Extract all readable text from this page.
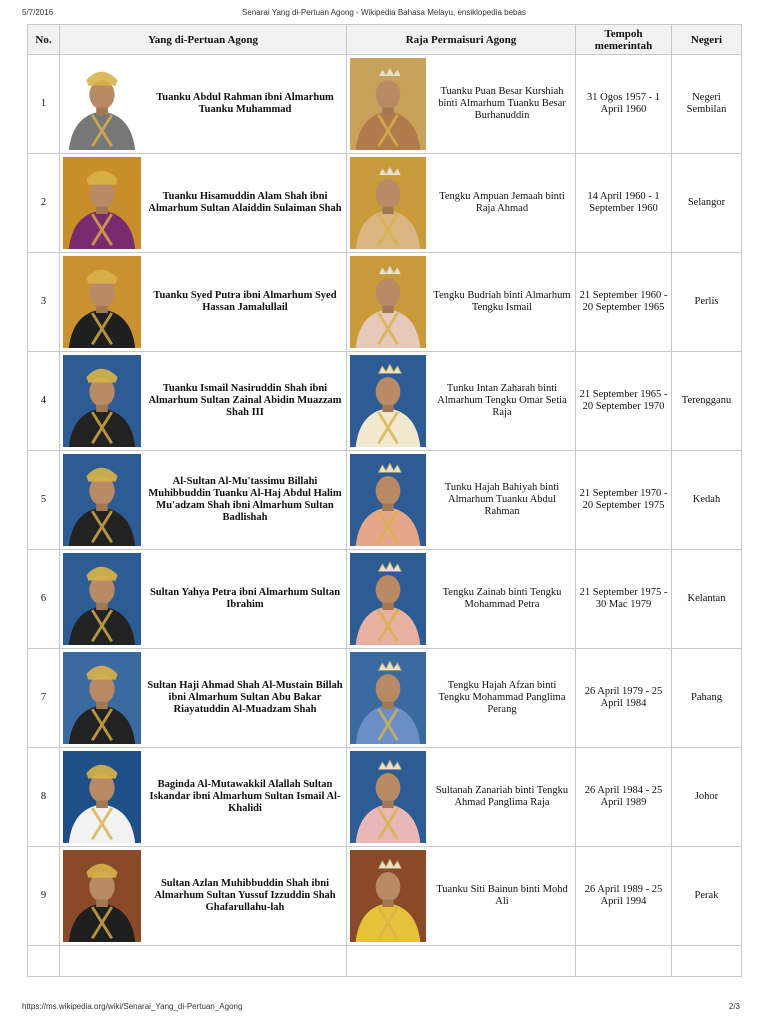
5/7/2016	Senarai Yang di-Pertuan Agong - Wikipedia Bahasa Melayu, ensiklopedia bebas
No.	Yang di-Pertuan Agong	Raja Permaisuri Agong	Tempoh memerintah	Negeri
1	Tuanku Abdul Rahman ibni Almarhum Tuanku Muhammad	Tuanku Puan Besar Kurshiah binti Almarhum Tuanku Besar Burhanuddin	31 Ogos 1957 - 1 April 1960	Negeri Sembilan
2	Tuanku Hisamuddin Alam Shah ibni Almarhum Sultan Alaiddin Sulaiman Shah	Tengku Ampuan Jemaah binti Raja Ahmad	14 April 1960 - 1 September 1960	Selangor
3	Tuanku Syed Putra ibni Almarhum Syed Hassan Jamalullail	Tengku Budriah binti Almarhum Tengku Ismail	21 September 1960 - 20 September 1965	Perlis
4	Tuanku Ismail Nasiruddin Shah ibni Almarhum Sultan Zainal Abidin Muazzam Shah III	Tunku Intan Zaharah binti Almarhum Tengku Omar Setia Raja	21 September 1965 - 20 September 1970	Terengganu
5	Al-Sultan Al-Mu'tassimu Billahi Muhibbuddin Tuanku Al-Haj Abdul Halim Mu'adzam Shah ibni Almarhum Sultan Badlishah	Tunku Hajah Bahiyah binti Almarhum Tuanku Abdul Rahman	21 September 1970 - 20 September 1975	Kedah
6	Sultan Yahya Petra ibni Almarhum Sultan Ibrahim	Tengku Zainab binti Tengku Mohammad Petra	21 September 1975 - 30 Mac 1979	Kelantan
7	Sultan Haji Ahmad Shah Al-Mustain Billah ibni Almarhum Sultan Abu Bakar Riayatuddin Al-Muadzam Shah	Tengku Hajah Afzan binti Tengku Mohammad Panglima Perang	26 April 1979 - 25 April 1984	Pahang
8	Baginda Al-Mutawakkil Alallah Sultan Iskandar ibni Almarhum Sultan Ismail Al-Khalidi	Sultanah Zanariah binti Tengku Ahmad Panglima Raja	26 April 1984 - 25 April 1989	Johor
9	Sultan Azlan Muhibbuddin Shah ibni Almarhum Sultan Yussuf Izzuddin Shah Ghafarullahu-lah	Tuanku Siti Bainun binti Mohd Ali	26 April 1989 - 25 April 1994	Perak

https://ms.wikipedia.org/wiki/Senarai_Yang_di-Pertuan_Agong	2/3
